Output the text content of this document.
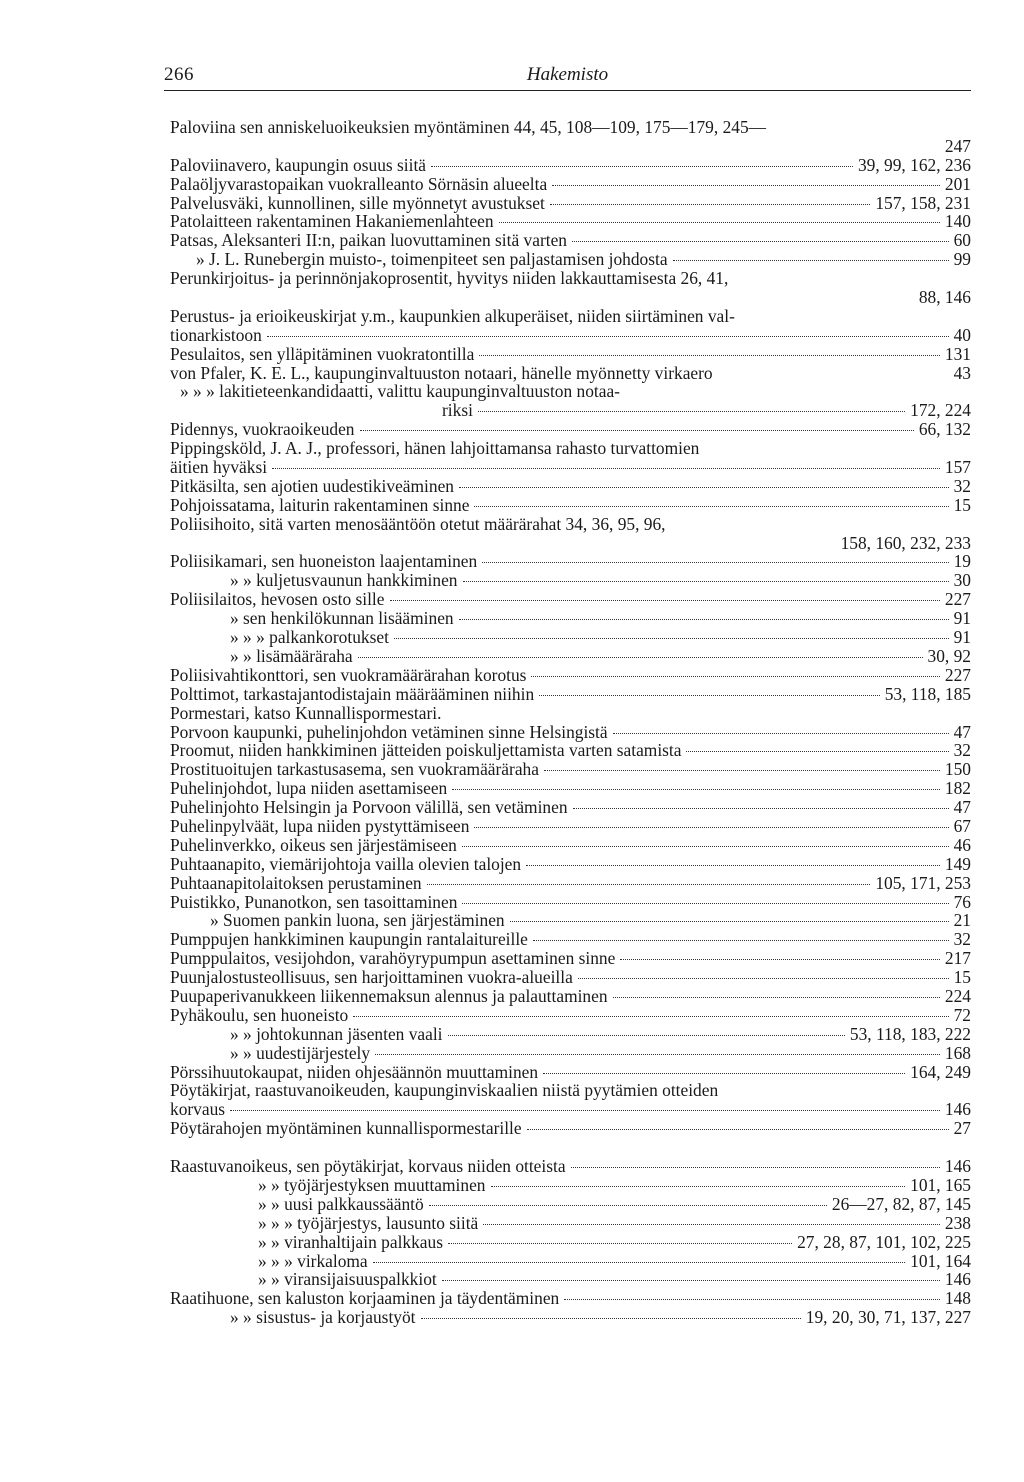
266	Hakemisto
Paloviina sen anniskeluoikeuksien myöntäminen 44, 45, 108—109, 175—179, 245—
247
Paloviinavero, kaupungin osuus siitä	39, 99, 162, 236
Palaöljyvarastopaikan vuokralleanto Sörnäsin alueelta	201
Palvelusväki, kunnollinen, sille myönnetyt avustukset	157, 158, 231
Patolaitteen rakentaminen Hakaniemenlahteen	140
Patsas, Aleksanteri II:n, paikan luovuttaminen sitä varten	60
» J. L. Runebergin muisto-, toimenpiteet sen paljastamisen johdosta	99
Perunkirjoitus- ja perinnönjakoprosentit, hyvitys niiden lakkauttamisesta 26, 41,
88, 146
Perustus- ja erioikeuskirjat y.m., kaupunkien alkuperäiset, niiden siirtäminen val-
tionarkistoon	40
Pesulaitos, sen ylläpitäminen vuokratontilla	131
von Pfaler, K. E. L., kaupunginvaltuuston notaari, hänelle myönnetty virkaero	43
» » » lakitieteenkandidaatti, valittu kaupunginvaltuuston notaa-
riksi	172, 224
Pidennys, vuokraoikeuden	66, 132
Pippingsköld, J. A. J., professori, hänen lahjoittamansa rahasto turvattomien
äitien hyväksi	157
Pitkäsilta, sen ajotien uudestikiveäminen	32
Pohjoissatama, laiturin rakentaminen sinne	15
Poliisihoito, sitä varten menosääntöön otetut määrärahat 34, 36, 95, 96,
158, 160, 232, 233
Poliisikamari, sen huoneiston laajentaminen	19
» » kuljetusvaunun hankkiminen	30
Poliisilaitos, hevosen osto sille	227
» sen henkilökunnan lisääminen	91
» » » palkankorotukset	91
» » lisämääräraha	30, 92
Poliisivahtikonttori, sen vuokramäärärahan korotus	227
Polttimot, tarkastajantodistajain määrääminen niihin	53, 118, 185
Pormestari, katso Kunnallispormestari.
Porvoon kaupunki, puhelinjohdon vetäminen sinne Helsingistä	47
Proomut, niiden hankkiminen jätteiden poiskuljettamista varten satamista	32
Prostituoitujen tarkastusasema, sen vuokramääräraha	150
Puhelinjohdot, lupa niiden asettamiseen	182
Puhelinjohto Helsingin ja Porvoon välillä, sen vetäminen	47
Puhelinpylväät, lupa niiden pystyttämiseen	67
Puhelinverkko, oikeus sen järjestämiseen	46
Puhtaanapito, viemärijohtoja vailla olevien talojen	149
Puhtaanapitolaitoksen perustaminen	105, 171, 253
Puistikko, Punanotkon, sen tasoittaminen	76
» Suomen pankin luona, sen järjestäminen	21
Pumppujen hankkiminen kaupungin rantalaitureille	32
Pumppulaitos, vesijohdon, varahöyrypumpun asettaminen sinne	217
Puunjalostusteollisuus, sen harjoittaminen vuokra-alueilla	15
Puupaperivanukkeen liikennemaksun alennus ja palauttaminen	224
Pyhäkoulu, sen huoneisto	72
» » johtokunnan jäsenten vaali	53, 118, 183, 222
» » uudestijärjestely	168
Pörssihuutokaupat, niiden ohjesäännön muuttaminen	164, 249
Pöytäkirjat, raastuvanoikeuden, kaupunginviskaalien niistä pyytämien otteiden
korvaus	146
Pöytärahojen myöntäminen kunnallispormestarille	27
Raastuvanoikeus, sen pöytäkirjat, korvaus niiden otteista	146
» » työjärjestyksen muuttaminen	101, 165
» » uusi palkkaussääntö	26—27, 82, 87, 145
» » » työjärjestys, lausunto siitä	238
» » viranhaltijain palkkaus	27, 28, 87, 101, 102, 225
» » » virkaloma	101, 164
» » viransijaisuuspalkkiot	146
Raatihuone, sen kaluston korjaaminen ja täydentäminen	148
» » sisustus- ja korjaustyöt	19, 20, 30, 71, 137, 227
